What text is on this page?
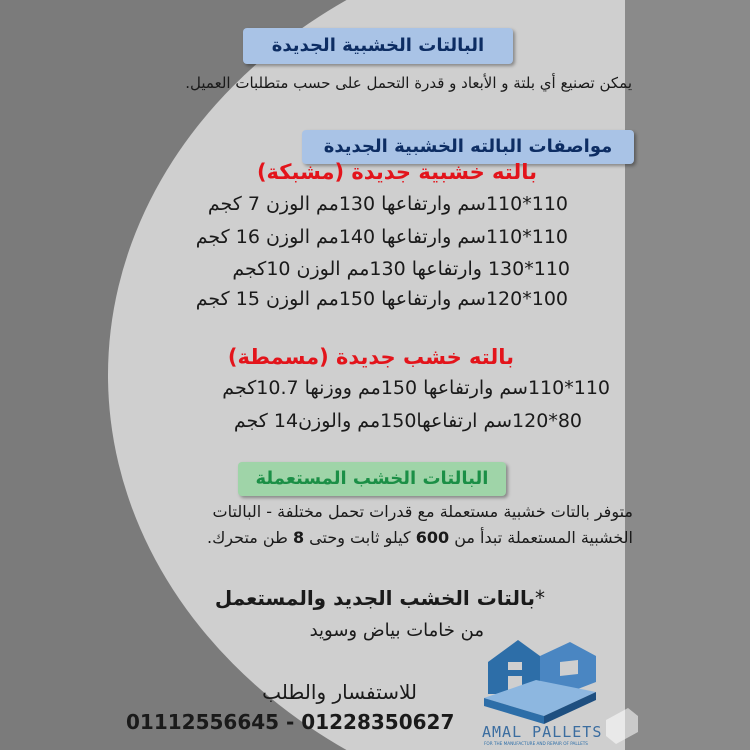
البالتات الخشبية الجديدة
يمكن تصنيع أي بلتة و الأبعاد و قدرة التحمل على حسب متطلبات العميل.
مواصفات البالته الخشبية الجديدة
بالته خشبية جديدة (مشبكة)
110*110سم وارتفاعها 130مم الوزن 7 كجم
110*110سم وارتفاعها 140مم الوزن 16 كجم
110*130 وارتفاعها 130مم الوزن 10كجم
100*120سم وارتفاعها 150مم الوزن 15 كجم
بالته خشب جديدة (مسمطة)
110*110سم وارتفاعها 150مم ووزنها 10.7كجم
80*120سم ارتفاعها150مم والوزن14 كجم
البالتات الخشب المستعملة
متوفر بالتات خشبية مستعملة مع قدرات تحمل مختلفة - البالتات
الخشبية المستعملة تبدأ من 600 كيلو ثابت وحتى 8 طن متحرك.
*بالتات الخشب الجديد والمستعمل
من خامات بياض وسويد
للاستفسار والطلب
01112556645 - 01228350627 AMAL PALLETS
FOR THE MANUFACTURE AND REPAIR OF PALLETS
